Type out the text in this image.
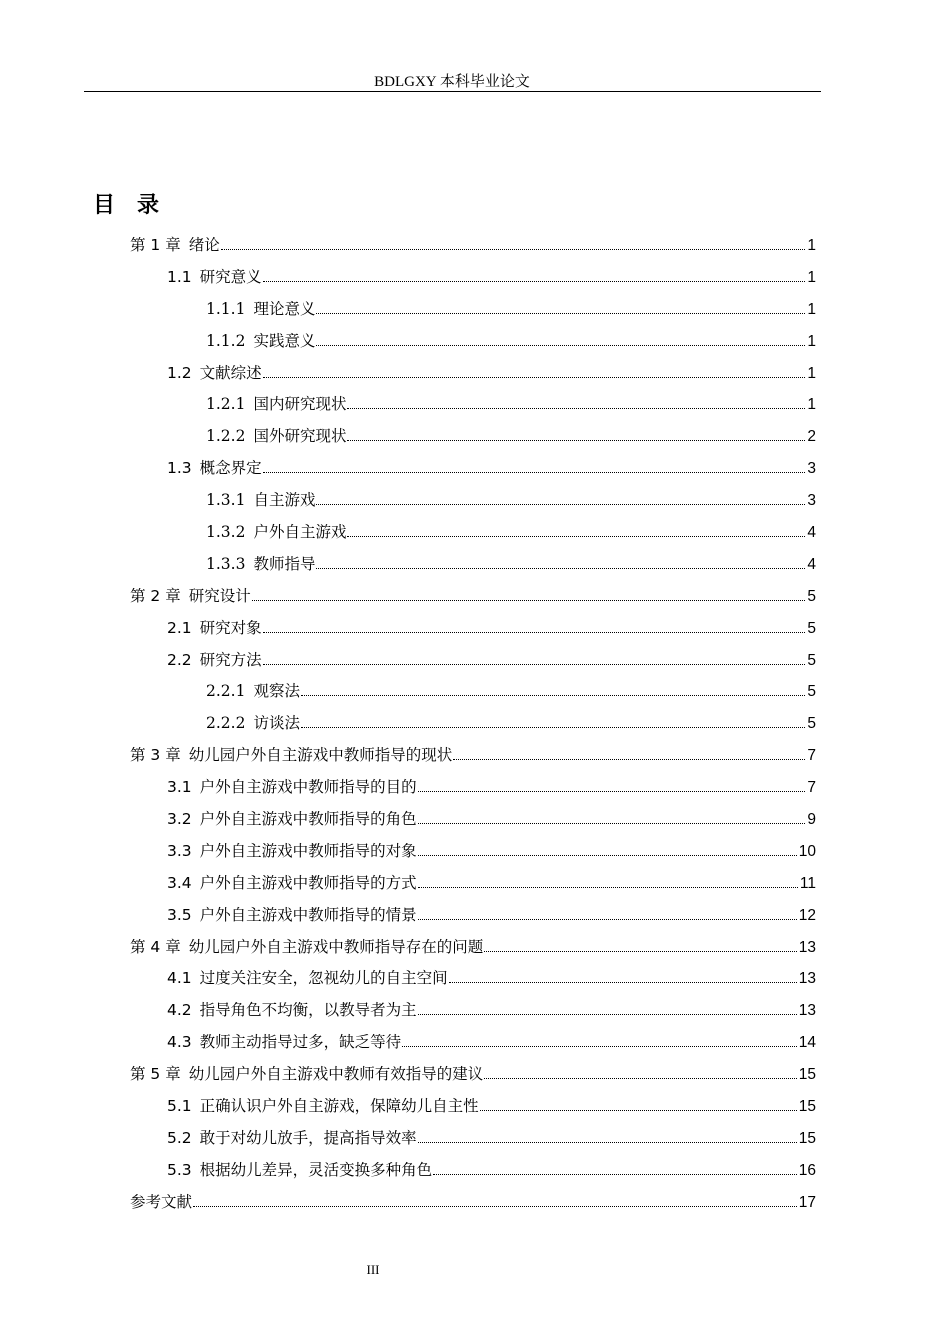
BDLGXY 本科毕业论文
目 录
第 1 章 绪论	1
1.1 研究意义	1
1.1.1 理论意义	1
1.1.2 实践意义	1
1.2 文献综述	1
1.2.1 国内研究现状	1
1.2.2 国外研究现状	2
1.3 概念界定	3
1.3.1 自主游戏	3
1.3.2 户外自主游戏	4
1.3.3 教师指导	4
第 2 章 研究设计	5
2.1 研究对象	5
2.2 研究方法	5
2.2.1 观察法	5
2.2.2 访谈法	5
第 3 章 幼儿园户外自主游戏中教师指导的现状	7
3.1 户外自主游戏中教师指导的目的	7
3.2 户外自主游戏中教师指导的角色	9
3.3 户外自主游戏中教师指导的对象	10
3.4 户外自主游戏中教师指导的方式	11
3.5 户外自主游戏中教师指导的情景	12
第 4 章 幼儿园户外自主游戏中教师指导存在的问题	13
4.1 过度关注安全，忽视幼儿的自主空间	13
4.2 指导角色不均衡，以教导者为主	13
4.3 教师主动指导过多，缺乏等待	14
第 5 章 幼儿园户外自主游戏中教师有效指导的建议	15
5.1 正确认识户外自主游戏，保障幼儿自主性	15
5.2 敢于对幼儿放手，提高指导效率	15
5.3 根据幼儿差异，灵活变换多种角色	16
参考文献	17
III
